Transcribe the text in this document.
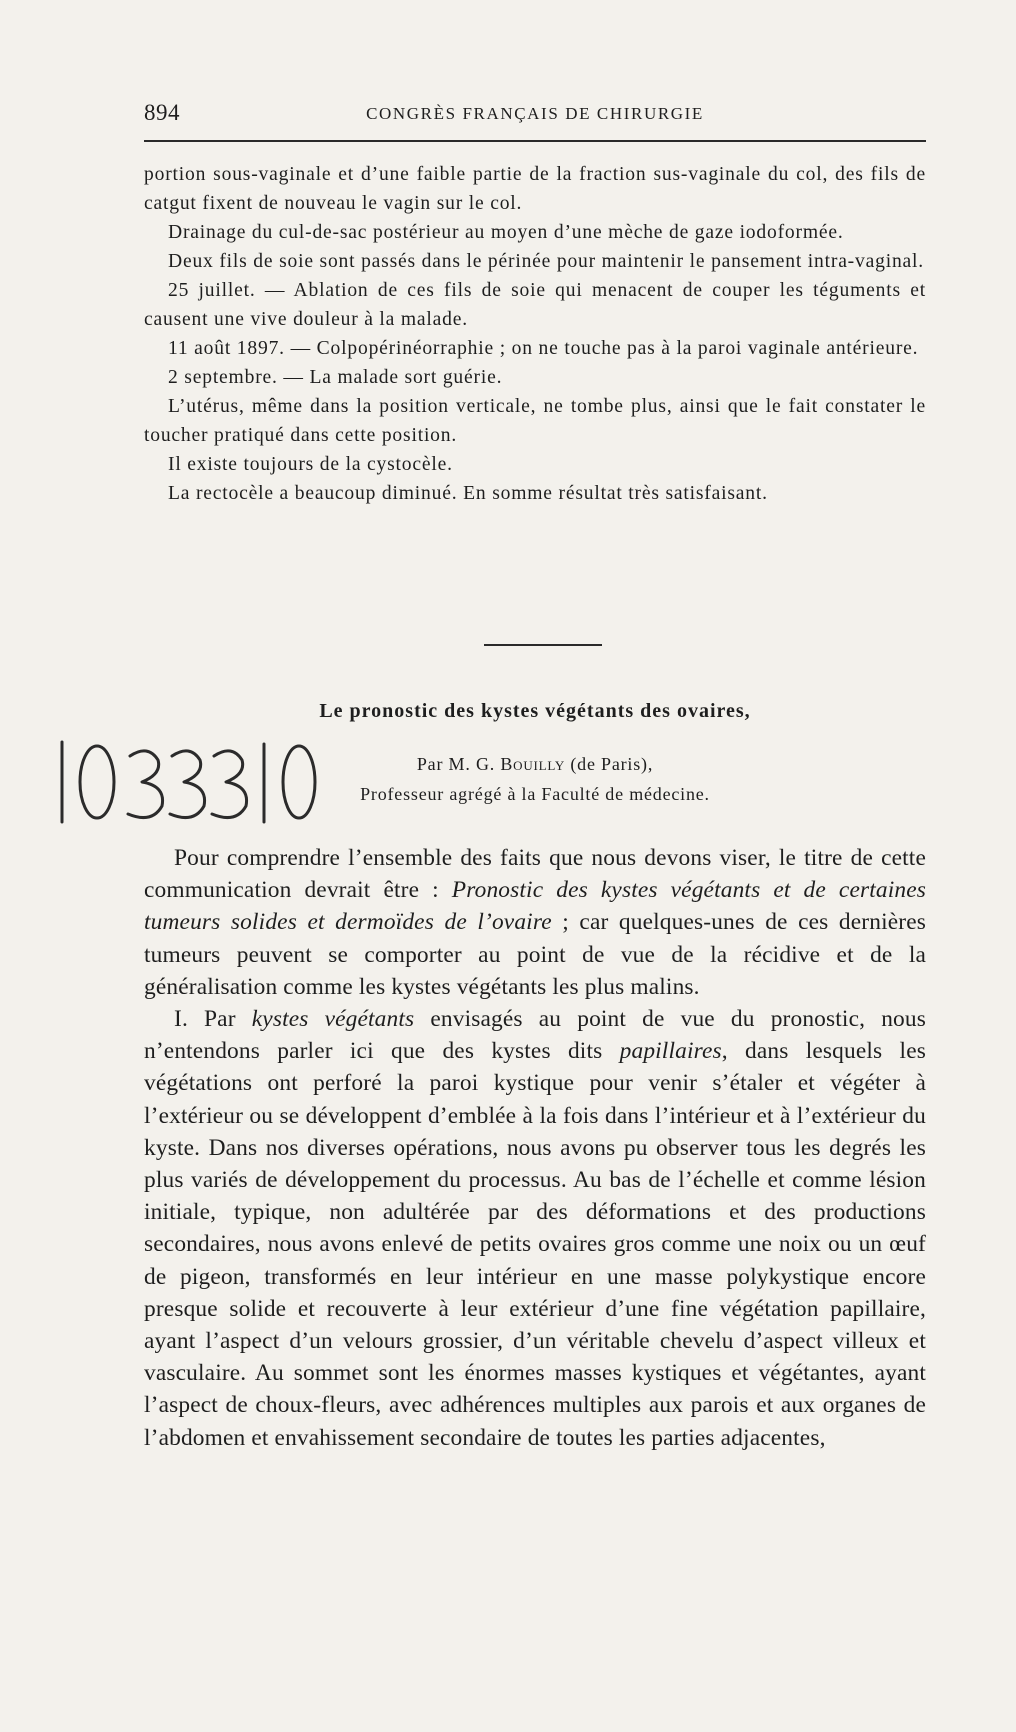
894	CONGRÈS FRANÇAIS DE CHIRURGIE

portion sous-vaginale et d’une faible partie de la fraction sus-vaginale du col, des fils de catgut fixent de nouveau le vagin sur le col.

Drainage du cul-de-sac postérieur au moyen d’une mèche de gaze iodoformée.

Deux fils de soie sont passés dans le périnée pour maintenir le pansement intra-vaginal.

25 juillet. — Ablation de ces fils de soie qui menacent de couper les téguments et causent une vive douleur à la malade.

11 août 1897. — Colpopérinéorraphie ; on ne touche pas à la paroi vaginale antérieure.

2 septembre. — La malade sort guérie.

L’utérus, même dans la position verticale, ne tombe plus, ainsi que le fait constater le toucher pratiqué dans cette position.

Il existe toujours de la cystocèle.

La rectocèle a beaucoup diminué. En somme résultat très satisfaisant.

Le pronostic des kystes végétants des ovaires,
Par M. G. Bouilly (de Paris),
Professeur agrégé à la Faculté de médecine.

Pour comprendre l’ensemble des faits que nous devons viser, le titre de cette communication devrait être : Pronostic des kystes végétants et de certaines tumeurs solides et dermoïdes de l’ovaire ; car quelques-unes de ces dernières tumeurs peuvent se comporter au point de vue de la récidive et de la généralisation comme les kystes végétants les plus malins.

I. Par kystes végétants envisagés au point de vue du pronostic, nous n’entendons parler ici que des kystes dits papillaires, dans lesquels les végétations ont perforé la paroi kystique pour venir s’étaler et végéter à l’extérieur ou se développent d’emblée à la fois dans l’intérieur et à l’extérieur du kyste. Dans nos diverses opérations, nous avons pu observer tous les degrés les plus variés de développement du processus. Au bas de l’échelle et comme lésion initiale, typique, non adultérée par des déformations et des productions secondaires, nous avons enlevé de petits ovaires gros comme une noix ou un œuf de pigeon, transformés en leur intérieur en une masse polykystique encore presque solide et recouverte à leur extérieur d’une fine végétation papillaire, ayant l’aspect d’un velours grossier, d’un véritable chevelu d’aspect villeux et vasculaire. Au sommet sont les énormes masses kystiques et végétantes, ayant l’aspect de choux-fleurs, avec adhérences multiples aux parois et aux organes de l’abdomen et envahissement secondaire de toutes les parties adjacentes,
